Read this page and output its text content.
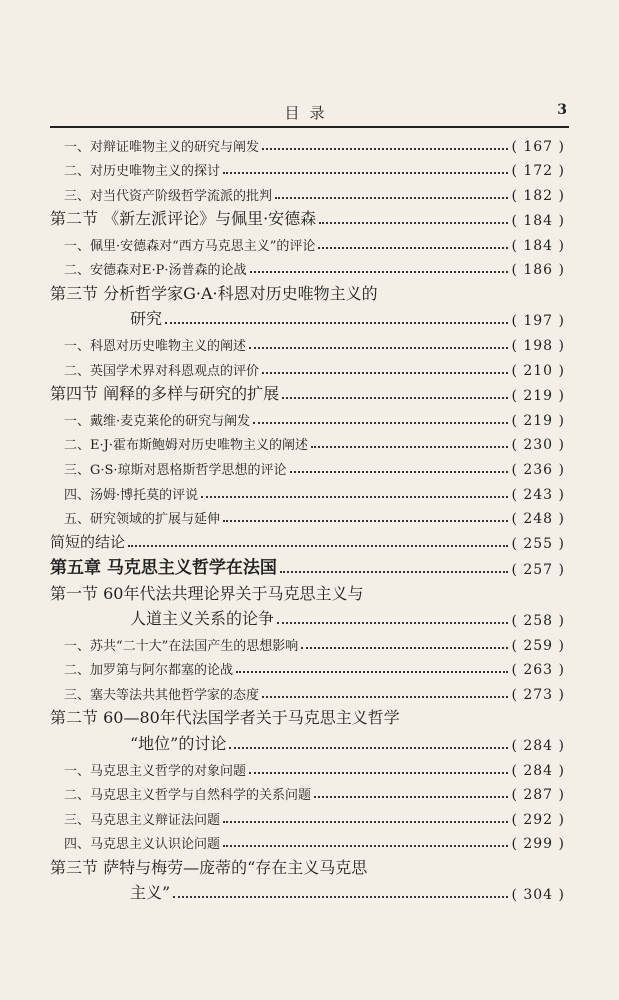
目录	3
一、对辩证唯物主义的研究与阐发	( 167 )
二、对历史唯物主义的探讨	( 172 )
三、对当代资产阶级哲学流派的批判	( 182 )
第二节 《新左派评论》与佩里·安德森	( 184 )
一、佩里·安德森对“西方马克思主义”的评论	( 184 )
二、安德森对E·P·汤普森的论战	( 186 )
第三节 分析哲学家G·A·科恩对历史唯物主义的
研究	( 197 )
一、科恩对历史唯物主义的阐述	( 198 )
二、英国学术界对科恩观点的评价	( 210 )
第四节 阐释的多样与研究的扩展	( 219 )
一、戴维·麦克莱伦的研究与阐发	( 219 )
二、E·J·霍布斯鲍姆对历史唯物主义的阐述	( 230 )
三、G·S·琼斯对恩格斯哲学思想的评论	( 236 )
四、汤姆·博托莫的评说	( 243 )
五、研究领域的扩展与延伸	( 248 )
简短的结论	( 255 )
第五章 马克思主义哲学在法国	( 257 )
第一节 60年代法共理论界关于马克思主义与
人道主义关系的论争	( 258 )
一、苏共“二十大”在法国产生的思想影响	( 259 )
二、加罗第与阿尔都塞的论战	( 263 )
三、塞夫等法共其他哲学家的态度	( 273 )
第二节 60—80年代法国学者关于马克思主义哲学
“地位”的讨论	( 284 )
一、马克思主义哲学的对象问题	( 284 )
二、马克思主义哲学与自然科学的关系问题	( 287 )
三、马克思主义辩证法问题	( 292 )
四、马克思主义认识论问题	( 299 )
第三节 萨特与梅劳—庞蒂的“存在主义马克思
主义”	( 304 )
